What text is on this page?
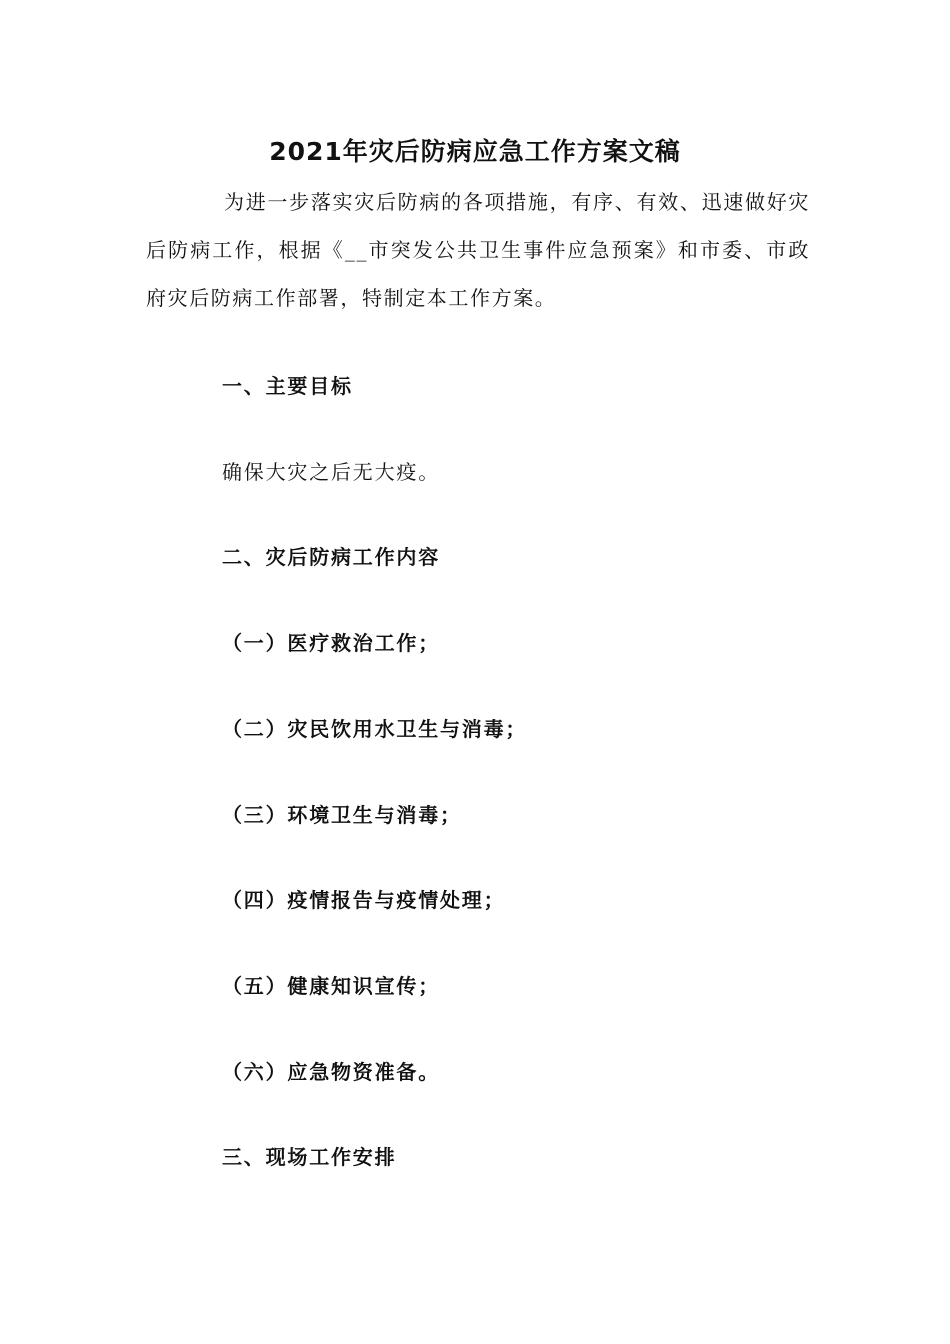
2021年灾后防病应急工作方案文稿
为进一步落实灾后防病的各项措施，有序、有效、迅速做好灾后防病工作，根据《__市突发公共卫生事件应急预案》和市委、市政府灾后防病工作部署，特制定本工作方案。
一、主要目标
确保大灾之后无大疫。
二、灾后防病工作内容
（一）医疗救治工作；
（二）灾民饮用水卫生与消毒；
（三）环境卫生与消毒；
（四）疫情报告与疫情处理；
（五）健康知识宣传；
（六）应急物资准备。
三、现场工作安排
